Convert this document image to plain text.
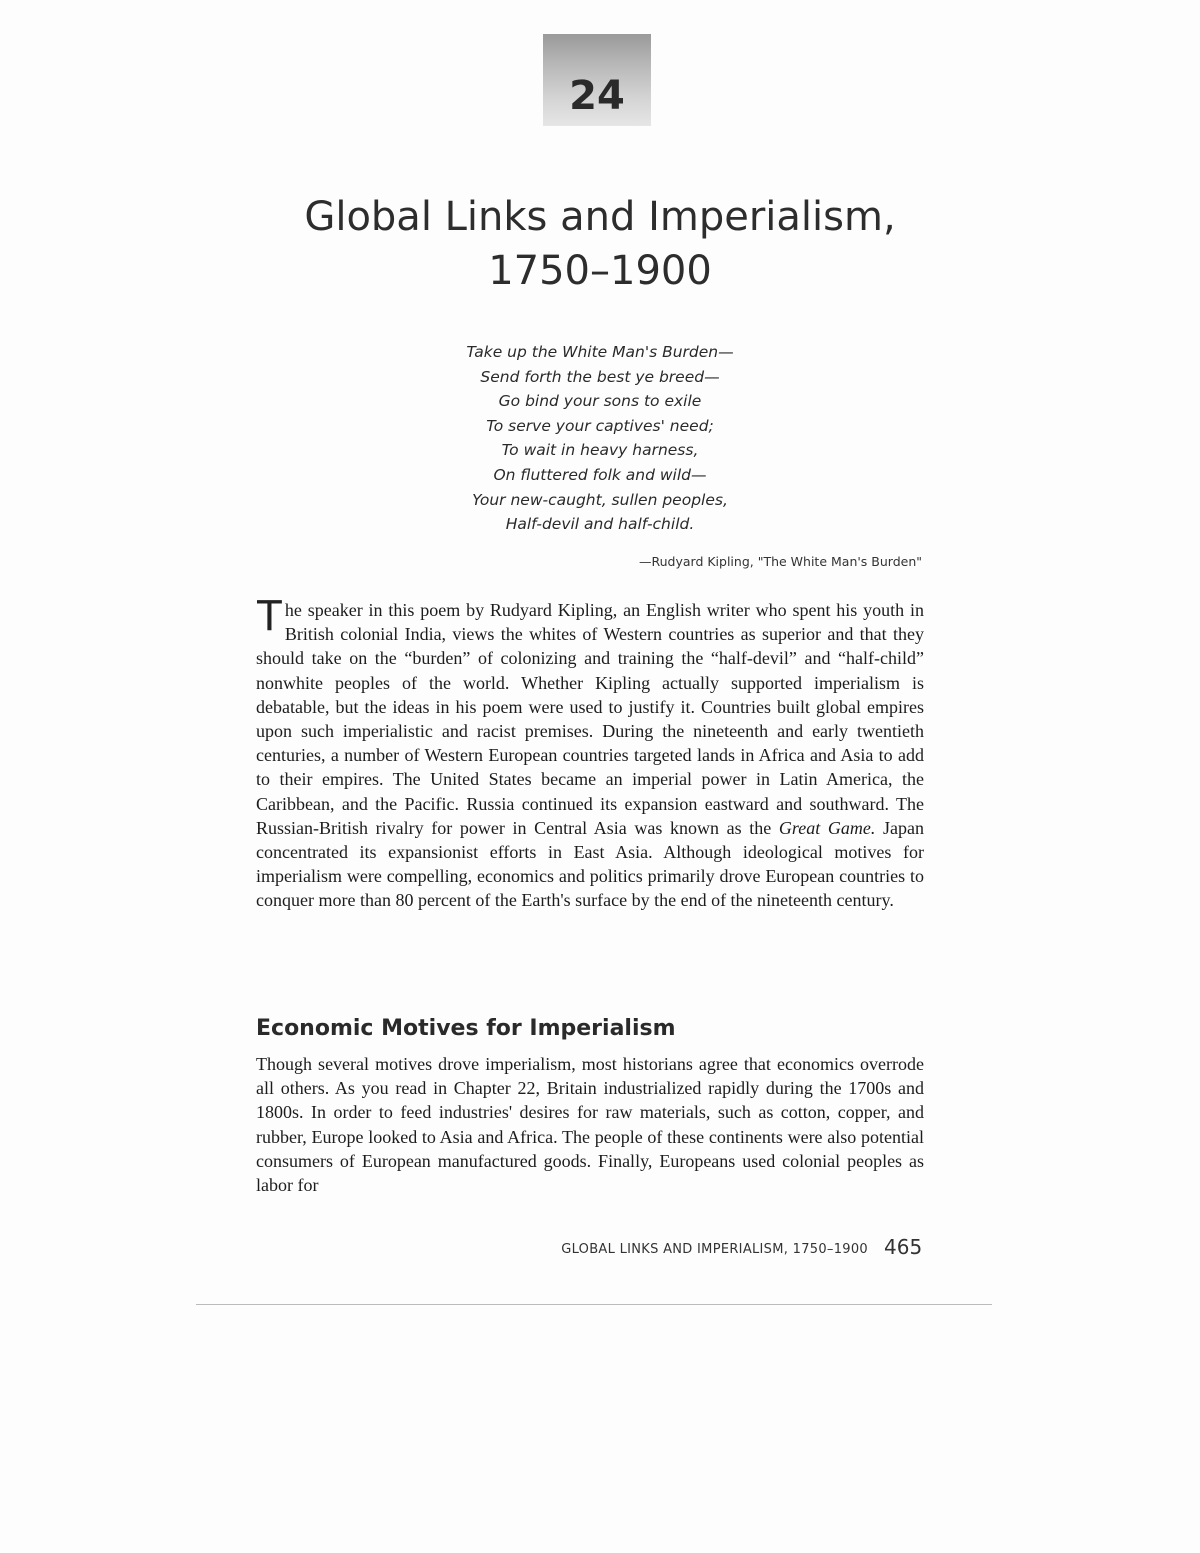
24
Global Links and Imperialism,
1750–1900
Take up the White Man's Burden—
Send forth the best ye breed—
Go bind your sons to exile
To serve your captives' need;
To wait in heavy harness,
On fluttered folk and wild—
Your new-caught, sullen peoples,
Half-devil and half-child.
—Rudyard Kipling, "The White Man's Burden"

The speaker in this poem by Rudyard Kipling, an English writer who spent his youth in British colonial India, views the whites of Western countries as superior and that they should take on the “burden” of colonizing and training the “half-devil” and “half-child” nonwhite peoples of the world. Whether Kipling actually supported imperialism is debatable, but the ideas in his poem were used to justify it. Countries built global empires upon such imperialistic and racist premises. During the nineteenth and early twentieth centuries, a number of Western European countries targeted lands in Africa and Asia to add to their empires. The United States became an imperial power in Latin America, the Caribbean, and the Pacific. Russia continued its expansion eastward and southward. The Russian-British rivalry for power in Central Asia was known as the Great Game. Japan concentrated its expansionist efforts in East Asia. Although ideological motives for imperialism were compelling, economics and politics primarily drove European countries to conquer more than 80 percent of the Earth's surface by the end of the nineteenth century.

Economic Motives for Imperialism

Though several motives drove imperialism, most historians agree that economics overrode all others. As you read in Chapter 22, Britain industrialized rapidly during the 1700s and 1800s. In order to feed industries' desires for raw materials, such as cotton, copper, and rubber, Europe looked to Asia and Africa. The people of these continents were also potential consumers of European manufactured goods. Finally, Europeans used colonial peoples as labor for

GLOBAL LINKS AND IMPERIALISM, 1750–1900 465
